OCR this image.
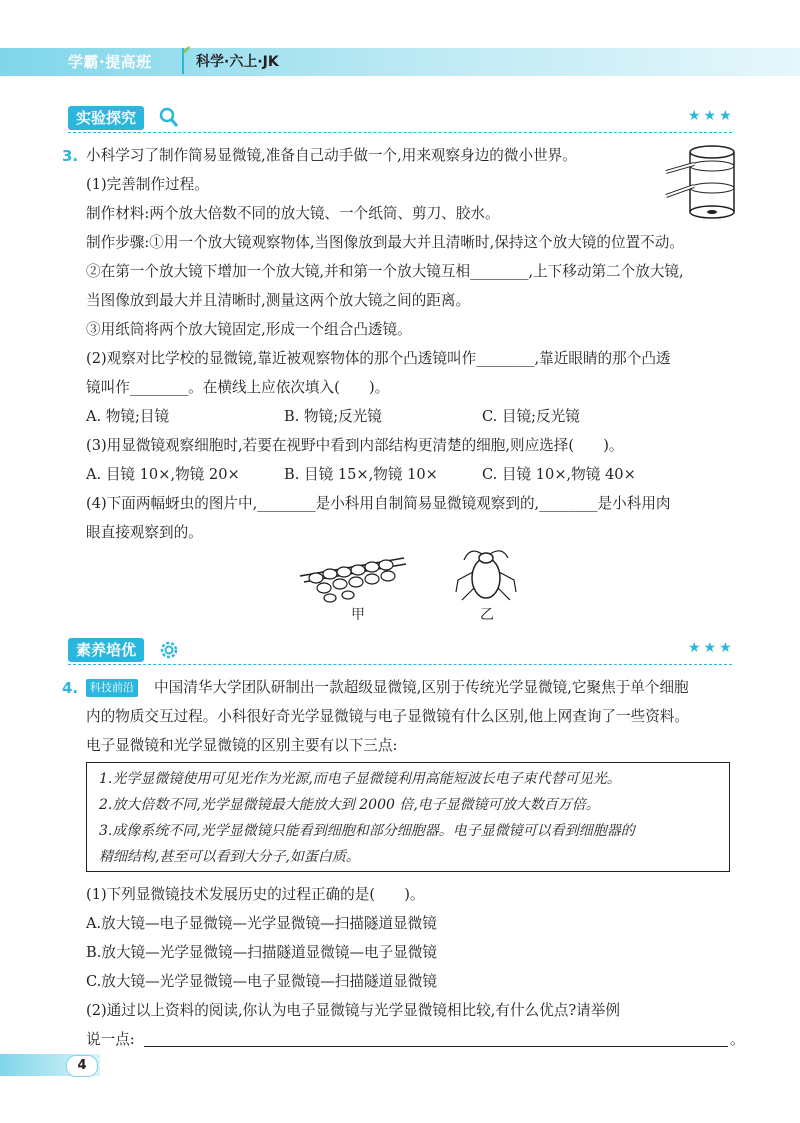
学霸·提高班	科学·六上·JK
实验探究	★★★
3. 小科学习了制作简易显微镜,准备自己动手做一个,用来观察身边的微小世界。
(1)完善制作过程。
制作材料:两个放大倍数不同的放大镜、一个纸筒、剪刀、胶水。
制作步骤:①用一个放大镜观察物体,当图像放到最大并且清晰时,保持这个放大镜的位置不动。
②在第一个放大镜下增加一个放大镜,并和第一个放大镜互相________,上下移动第二个放大镜,
当图像放到最大并且清晰时,测量这两个放大镜之间的距离。
③用纸筒将两个放大镜固定,形成一个组合凸透镜。
(2)观察对比学校的显微镜,靠近被观察物体的那个凸透镜叫作________,靠近眼睛的那个凸透
镜叫作________。在横线上应依次填入(　　)。
A. 物镜;目镜	B. 物镜;反光镜	C. 目镜;反光镜
(3)用显微镜观察细胞时,若要在视野中看到内部结构更清楚的细胞,则应选择(　　)。
A. 目镜 10×,物镜 20×	B. 目镜 15×,物镜 10×	C. 目镜 10×,物镜 40×
(4)下面两幅蚜虫的图片中,________是小科用自制简易显微镜观察到的,________是小科用肉
眼直接观察到的。
甲	乙
素养培优	★★★
4.	科技前沿 中国清华大学团队研制出一款超级显微镜,区别于传统光学显微镜,它聚焦于单个细胞
内的物质交互过程。小科很好奇光学显微镜与电子显微镜有什么区别,他上网查询了一些资料。
电子显微镜和光学显微镜的区别主要有以下三点:
1.光学显微镜使用可见光作为光源,而电子显微镜利用高能短波长电子束代替可见光。
2.放大倍数不同,光学显微镜最大能放大到 2000 倍,电子显微镜可放大数百万倍。
3.成像系统不同,光学显微镜只能看到细胞和部分细胞器。电子显微镜可以看到细胞器的
精细结构,甚至可以看到大分子,如蛋白质。
(1)下列显微镜技术发展历史的过程正确的是(　　)。
A.放大镜—电子显微镜—光学显微镜—扫描隧道显微镜
B.放大镜—光学显微镜—扫描隧道显微镜—电子显微镜
C.放大镜—光学显微镜—电子显微镜—扫描隧道显微镜
(2)通过以上资料的阅读,你认为电子显微镜与光学显微镜相比较,有什么优点?请举例
说一点:	。
4
